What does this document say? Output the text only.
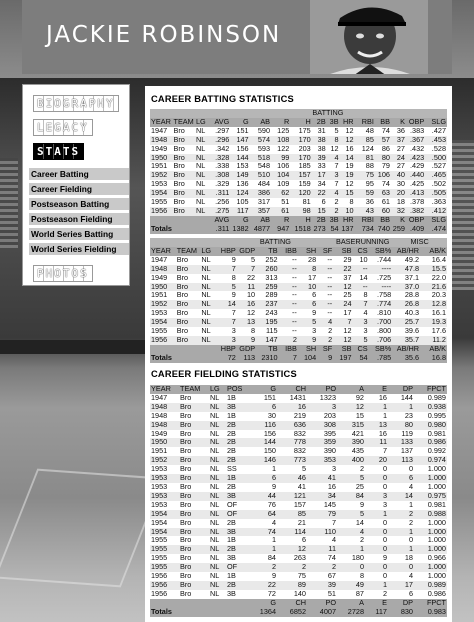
JACKIE ROBINSON
BIOGRAPHY
LEGACY
STATS
Career Batting
Career Fielding
Postseason Batting
Postseason Fielding
World Series Batting
World Series Fielding
PHOTOS
CAREER BATTING STATISTICS
			BATTING												
YEAR	TEAM	LG	AVG	G	AB	R	H	2B	3B	HR	RBI	BB	K	OBP	SLG
1947	Bro	NL	.297	151	590	125	175	31	5	12	48	74	36	.383	.427
1948	Bro	NL	.296	147	574	108	170	38	8	12	85	57	37	.367	.453
1949	Bro	NL	.342	156	593	122	203	38	12	16	124	86	27	.432	.528
1950	Bro	NL	.328	144	518	99	170	39	4	14	81	80	24	.423	.500
1951	Bro	NL	.338	153	548	106	185	33	7	19	88	79	27	.429	.527
1952	Bro	NL	.308	149	510	104	157	17	3	19	75	106	40	.440	.465
1953	Bro	NL	.329	136	484	109	159	34	7	12	95	74	30	.425	.502
1954	Bro	NL	.311	124	386	62	120	22	4	15	59	63	20	.413	.505
1955	Bro	NL	.256	105	317	51	81	6	2	8	36	61	18	.378	.363
1956	Bro	NL	.275	117	357	61	98	15	2	10	43	60	32	.382	.412
			AVG	G	AB	R	H	2B	3B	HR	RBI	BB	K	OBP	SLG
Totals			.311	1382	4877	947	1518	273	54	137	734	740	259	.409	.474
			BATTING						BASERUNNING			MISC	
YEAR	TEAM	LG	HBP	GDP	TB	IBB	SH	SF	SB	CS	SB%	AB/HR	AB/K
1947	Bro	NL	9	5	252	--	28	--	29	10	.744	49.2	16.4
1948	Bro	NL	7	7	260	--	8	--	22	--	----	47.8	15.5
1949	Bro	NL	8	22	313	--	17	--	37	14	.725	37.1	22.0
1950	Bro	NL	5	11	259	--	10	--	12	--	----	37.0	21.6
1951	Bro	NL	9	10	289	--	6	--	25	8	.758	28.8	20.3
1952	Bro	NL	14	16	237	--	6	--	24	7	.774	26.8	12.8
1953	Bro	NL	7	12	243	--	9	--	17	4	.810	40.3	16.1
1954	Bro	NL	7	13	195	--	5	4	7	3	.700	25.7	19.3
1955	Bro	NL	3	8	115	--	3	2	12	3	.800	39.6	17.6
1956	Bro	NL	3	9	147	2	9	2	12	5	.706	35.7	11.2
			HBP	GDP	TB	IBB	SH	SF	SB	CS	SB%	AB/HR	AB/K
Totals			72	113	2310	7	104	9	197	54	.785	35.6	16.8
CAREER FIELDING STATISTICS
YEAR	TEAM	LG	POS	G	CH	PO	A	E	DP	FPCT
1947	Bro	NL	1B	151	1431	1323	92	16	144	0.989
1948	Bro	NL	3B	6	16	3	12	1	1	0.938
1948	Bro	NL	1B	30	219	203	15	1	23	0.995
1948	Bro	NL	2B	116	636	308	315	13	80	0.980
1949	Bro	NL	2B	156	832	395	421	16	119	0.981
1950	Bro	NL	2B	144	778	359	390	11	133	0.986
1951	Bro	NL	2B	150	832	390	435	7	137	0.992
1952	Bro	NL	2B	146	773	353	400	20	113	0.974
1953	Bro	NL	SS	1	5	3	2	0	0	1.000
1953	Bro	NL	1B	6	46	41	5	0	6	1.000
1953	Bro	NL	2B	9	41	16	25	0	4	1.000
1953	Bro	NL	3B	44	121	34	84	3	14	0.975
1953	Bro	NL	OF	76	157	145	9	3	1	0.981
1954	Bro	NL	OF	64	85	79	5	1	2	0.988
1954	Bro	NL	2B	4	21	7	14	0	2	1.000
1954	Bro	NL	3B	74	114	110	4	0	1	1.000
1955	Bro	NL	1B	1	6	4	2	0	0	1.000
1955	Bro	NL	2B	1	12	11	1	0	1	1.000
1955	Bro	NL	3B	84	263	74	180	9	18	0.966
1955	Bro	NL	OF	2	2	2	0	0	0	1.000
1956	Bro	NL	1B	9	75	67	8	0	4	1.000
1956	Bro	NL	2B	22	89	39	49	1	17	0.989
1956	Bro	NL	3B	72	140	51	87	2	6	0.986
				G	CH	PO	A	E	DP	FPCT
Totals				1364	6852	4007	2728	117	830	0.983
